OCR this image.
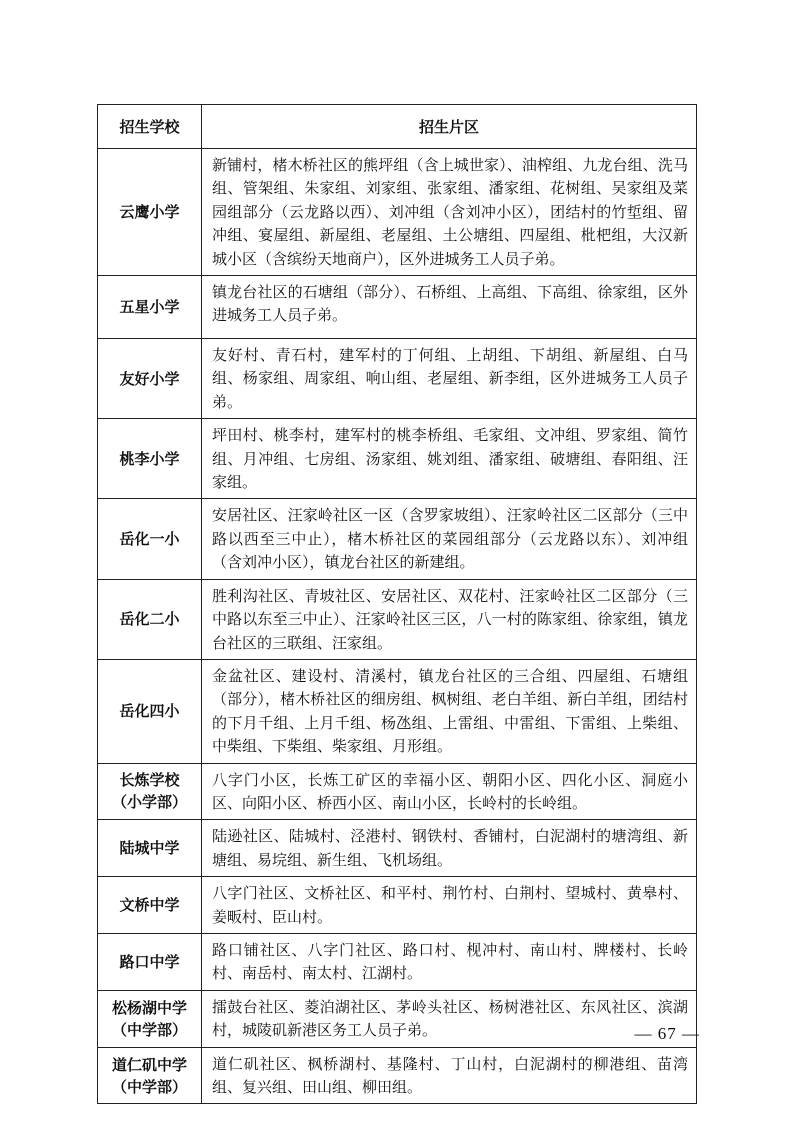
招生学校	招生片区

云鹰小学	新铺村，楮木桥社区的熊坪组（含上城世家）、油榨组、九龙台组、洗马组、管架组、朱家组、刘家组、张家组、潘家组、花树组、吴家组及菜园组部分（云龙路以西）、刘冲组（含刘冲小区），团结村的竹埑组、留冲组、宴屋组、新屋组、老屋组、土公塘组、四屋组、枇杷组，大汉新城小区（含缤纷天地商户），区外进城务工人员子弟。

五星小学	镇龙台社区的石塘组（部分）、石桥组、上高组、下高组、徐家组，区外进城务工人员子弟。

友好小学	友好村、青石村，建军村的丁何组、上胡组、下胡组、新屋组、白马组、杨家组、周家组、响山组、老屋组、新李组，区外进城务工人员子弟。

桃李小学	坪田村、桃李村，建军村的桃李桥组、毛家组、文冲组、罗家组、简竹组、月冲组、七房组、汤家组、姚刘组、潘家组、破塘组、春阳组、汪家组。

岳化一小	安居社区、汪家岭社区一区（含罗家坡组）、汪家岭社区二区部分（三中路以西至三中止），楮木桥社区的菜园组部分（云龙路以东）、刘冲组（含刘冲小区），镇龙台社区的新建组。

岳化二小	胜利沟社区、青坡社区、安居社区、双花村、汪家岭社区二区部分（三中路以东至三中止）、汪家岭社区三区，八一村的陈家组、徐家组，镇龙台社区的三联组、汪家组。

岳化四小	金盆社区、建设村、清溪村，镇龙台社区的三合组、四屋组、石塘组（部分），楮木桥社区的细房组、枫树组、老白羊组、新白羊组，团结村的下月千组、上月千组、杨氹组、上雷组、中雷组、下雷组、上柴组、中柴组、下柴组、柴家组、月形组。

长炼学校
（小学部）	八字门小区，长炼工矿区的幸福小区、朝阳小区、四化小区、洞庭小区、向阳小区、桥西小区、南山小区，长岭村的长岭组。

陆城中学	陆逊社区、陆城村、泾港村、钢铁村、香铺村，白泥湖村的塘湾组、新塘组、易垸组、新生组、飞机场组。

文桥中学	八字门社区、文桥社区、和平村、荆竹村、白荆村、望城村、黄皋村、姜畈村、臣山村。

路口中学	路口铺社区、八字门社区、路口村、枧冲村、南山村、牌楼村、长岭村、南岳村、南太村、江湖村。

松杨湖中学
（中学部）	擂鼓台社区、菱泊湖社区、茅岭头社区、杨树港社区、东风社区、滨湖村，城陵矶新港区务工人员子弟。

道仁矶中学
（中学部）	道仁矶社区、枫桥湖村、基隆村、丁山村，白泥湖村的柳港组、苗湾组、复兴组、田山组、柳田组。
— 67 —
